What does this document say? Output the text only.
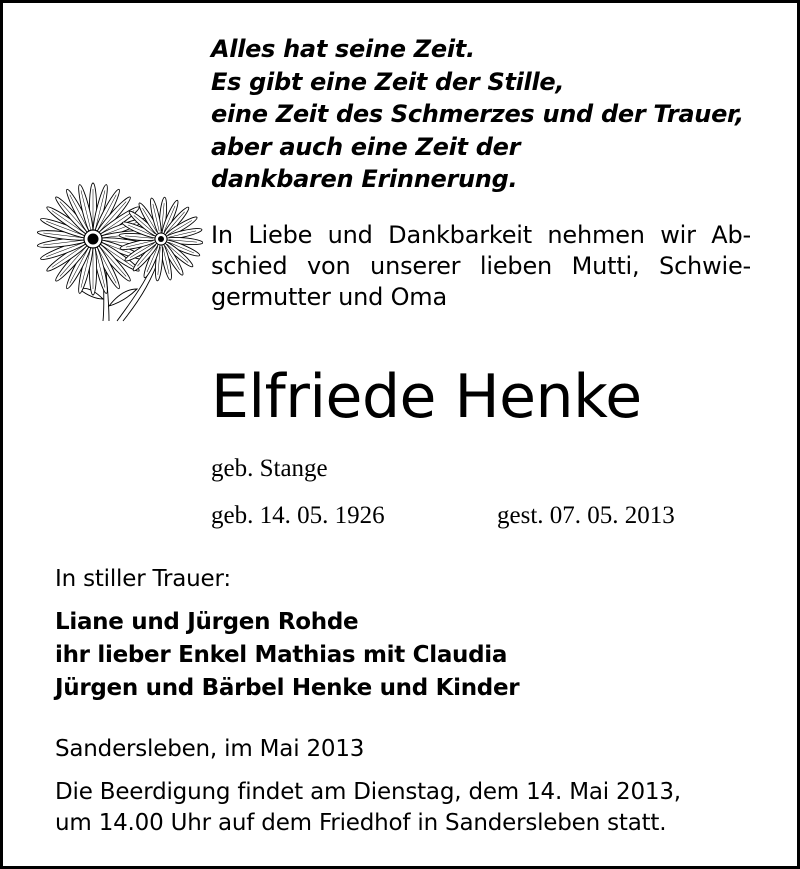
Alles hat seine Zeit.
Es gibt eine Zeit der Stille,
eine Zeit des Schmerzes und der Trauer,
aber auch eine Zeit der
dankbaren Erinnerung.
In Liebe und Dankbarkeit nehmen wir Ab-
schied von unserer lieben Mutti, Schwie-
germutter und Oma
Elfriede Henke
geb. Stange
geb. 14. 05. 1926	gest. 07. 05. 2013
In stiller Trauer:
Liane und Jürgen Rohde
ihr lieber Enkel Mathias mit Claudia
Jürgen und Bärbel Henke und Kinder
Sandersleben, im Mai 2013
Die Beerdigung findet am Dienstag, dem 14. Mai 2013,
um 14.00 Uhr auf dem Friedhof in Sandersleben statt.
